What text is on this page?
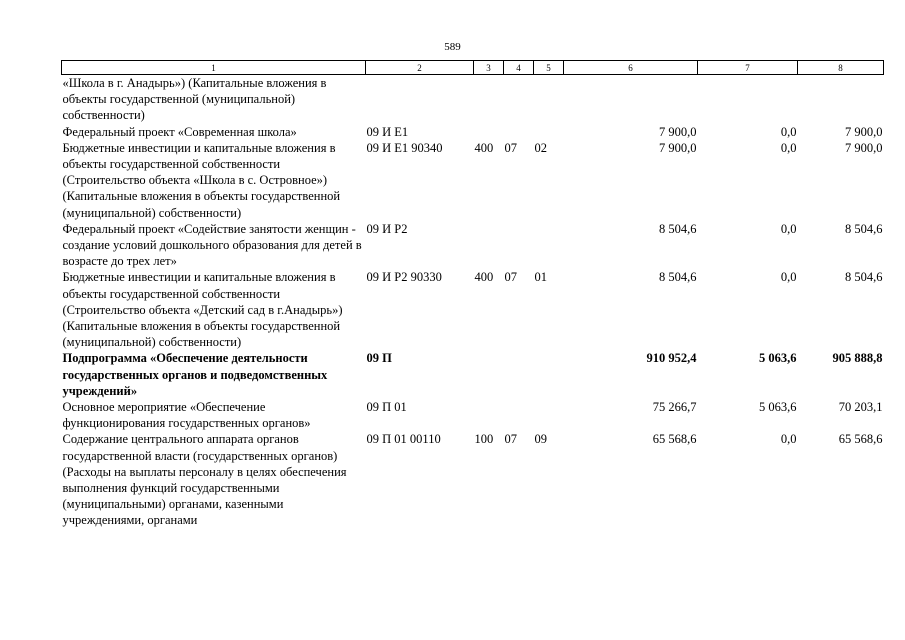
589
1	2	3	4	5	6	7	8
«Школа в г. Анадырь») (Капитальные вложения в объекты государственной (муниципальной) собственности)							
Федеральный проект «Современная школа»	09 И Е1				7 900,0	0,0	7 900,0
Бюджетные инвестиции и капитальные вложения в объекты государственной собственности (Строительство объекта «Школа в с. Островное») (Капитальные вложения в объекты государственной (муниципальной) собственности)	09 И Е1 90340	400	07	02	7 900,0	0,0	7 900,0
Федеральный проект «Содействие занятости женщин - создание условий дошкольного образования для детей в возрасте до трех лет»	09 И Р2				8 504,6	0,0	8 504,6
Бюджетные инвестиции и капитальные вложения в объекты государственной собственности (Строительство объекта «Детский сад в г.Анадырь») (Капитальные вложения в объекты государственной (муниципальной) собственности)	09 И Р2 90330	400	07	01	8 504,6	0,0	8 504,6
Подпрограмма «Обеспечение деятельности государственных органов и подведомственных учреждений»	09 П				910 952,4	5 063,6	905 888,8
Основное мероприятие «Обеспечение функционирования государственных органов»	09 П 01				75 266,7	5 063,6	70 203,1
Содержание центрального аппарата органов государственной власти (государственных органов) (Расходы на выплаты персоналу в целях обеспечения выполнения функций государственными (муниципальными) органами, казенными учреждениями, органами	09 П 01 00110	100	07	09	65 568,6	0,0	65 568,6
